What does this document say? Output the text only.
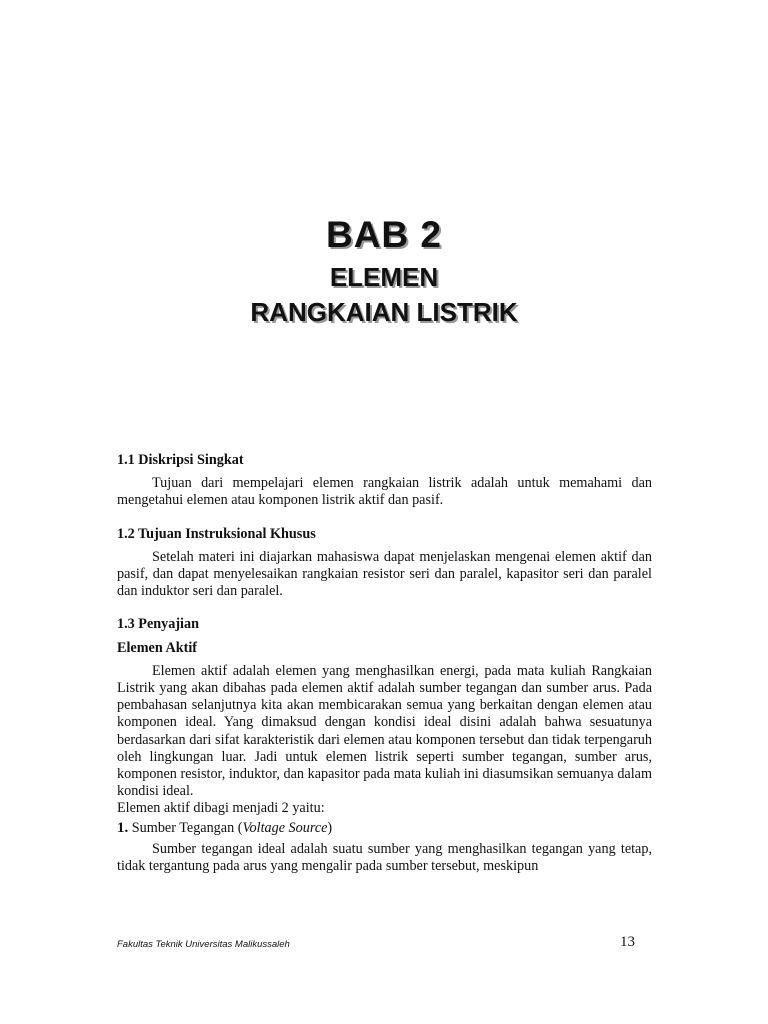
BAB 2
ELEMEN
RANGKAIAN LISTRIK

1.1 Diskripsi Singkat

Tujuan dari mempelajari elemen rangkaian listrik adalah untuk memahami dan mengetahui elemen atau komponen listrik aktif dan pasif.

1.2 Tujuan Instruksional Khusus

Setelah materi ini diajarkan mahasiswa dapat menjelaskan mengenai elemen aktif dan pasif, dan dapat menyelesaikan rangkaian resistor seri dan paralel, kapasitor seri dan paralel dan induktor seri dan paralel.

1.3 Penyajian

Elemen Aktif

Elemen aktif adalah elemen yang menghasilkan energi, pada mata kuliah Rangkaian Listrik yang akan dibahas pada elemen aktif adalah sumber tegangan dan sumber arus. Pada pembahasan selanjutnya kita akan membicarakan semua yang berkaitan dengan elemen atau komponen ideal. Yang dimaksud dengan kondisi ideal disini adalah bahwa sesuatunya berdasarkan dari sifat karakteristik dari elemen atau komponen tersebut dan tidak terpengaruh oleh lingkungan luar. Jadi untuk elemen listrik seperti sumber tegangan, sumber arus, komponen resistor, induktor, dan kapasitor pada mata kuliah ini diasumsikan semuanya dalam kondisi ideal.

Elemen aktif dibagi menjadi 2 yaitu:

1. Sumber Tegangan (Voltage Source)

Sumber tegangan ideal adalah suatu sumber yang menghasilkan tegangan yang tetap, tidak tergantung pada arus yang mengalir pada sumber tersebut, meskipun

Fakultas Teknik Universitas Malikussaleh	13
